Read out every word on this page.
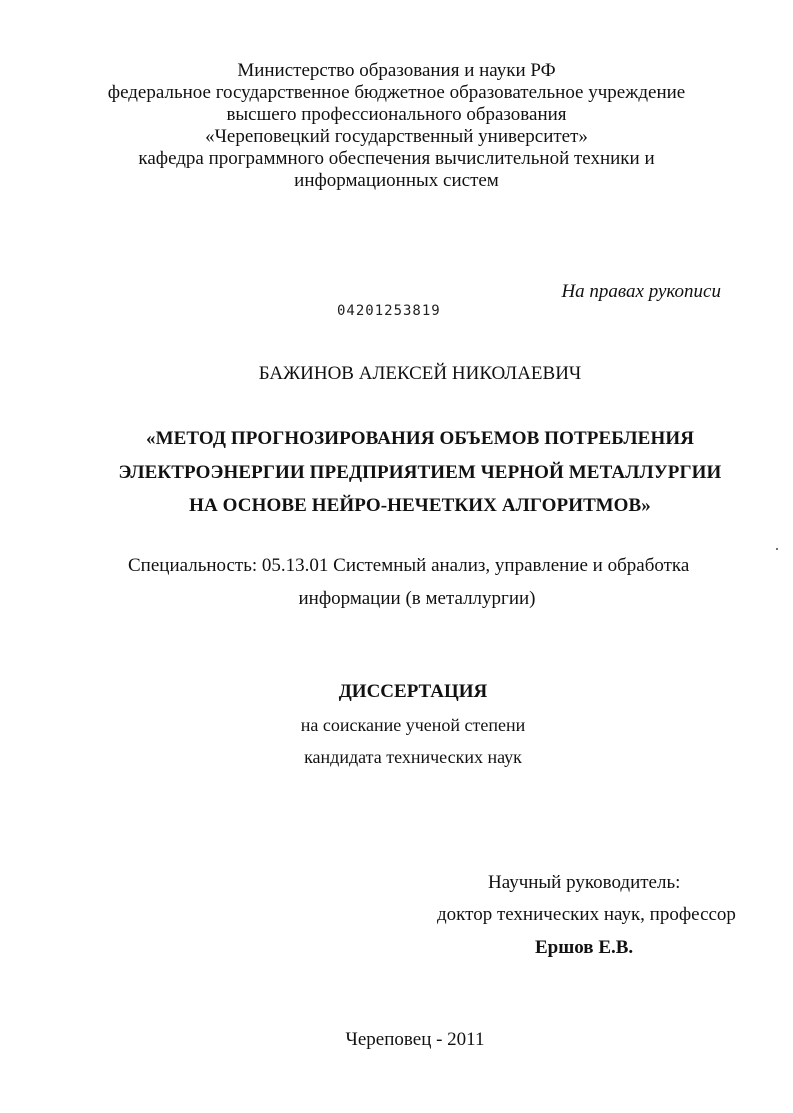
Министерство образования и науки РФ
федеральное государственное бюджетное образовательное учреждение
высшего профессионального образования
«Череповецкий государственный университет»
кафедра программного обеспечения вычислительной техники и
информационных систем
На правах рукописи
04201253819
БАЖИНОВ АЛЕКСЕЙ НИКОЛАЕВИЧ
«МЕТОД ПРОГНОЗИРОВАНИЯ ОБЪЕМОВ ПОТРЕБЛЕНИЯ
ЭЛЕКТРОЭНЕРГИИ ПРЕДПРИЯТИЕМ ЧЕРНОЙ МЕТАЛЛУРГИИ
НА ОСНОВЕ НЕЙРО-НЕЧЕТКИХ АЛГОРИТМОВ»
Специальность: 05.13.01 Системный анализ, управление и обработка
информации (в металлургии)
ДИССЕРТАЦИЯ
на соискание ученой степени
кандидата технических наук
Научный руководитель:
доктор технических наук, профессор
Ершов Е.В.
Череповец - 2011
